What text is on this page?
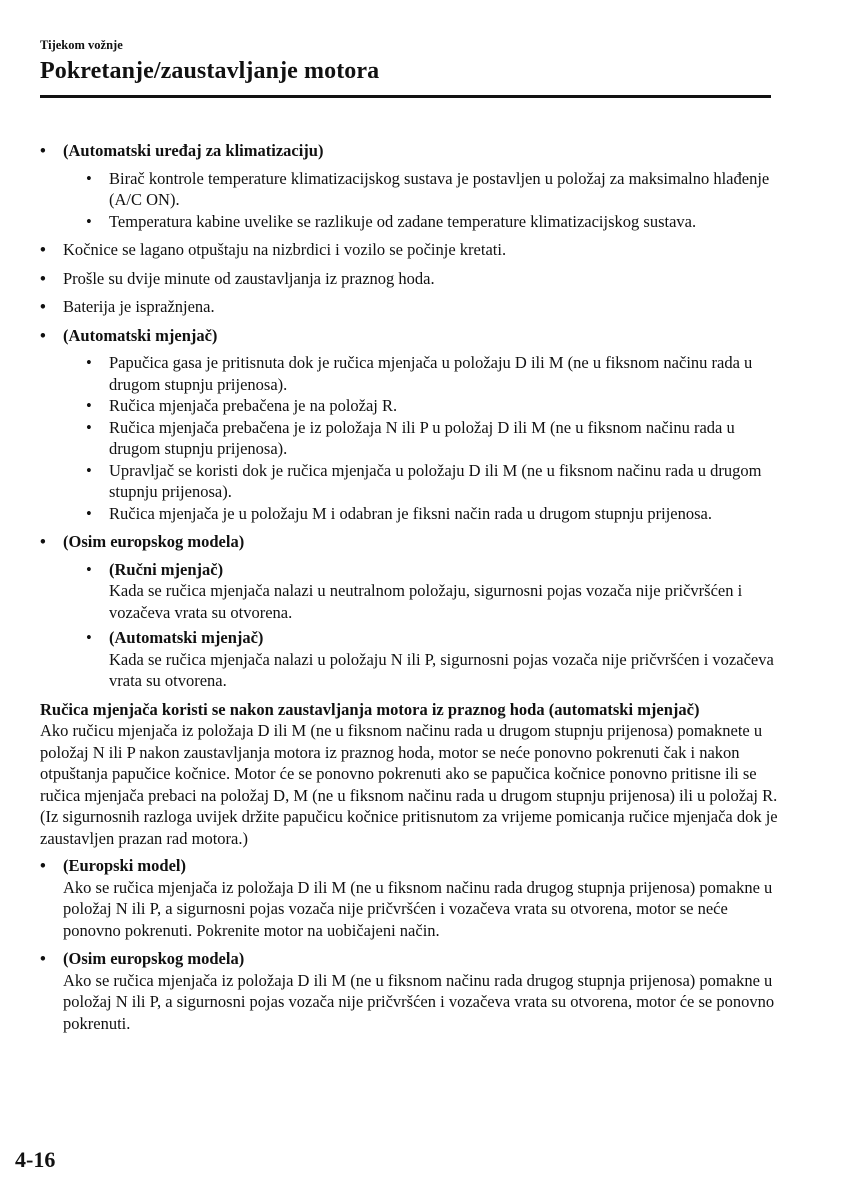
Tijekom vožnje
Pokretanje/zaustavljanje motora
• (Automatski uređaj za klimatizaciju)
• Birač kontrole temperature klimatizacijskog sustava je postavljen u položaj za maksimalno hlađenje (A/C ON).
• Temperatura kabine uvelike se razlikuje od zadane temperature klimatizacijskog sustava.
• Kočnice se lagano otpuštaju na nizbrdici i vozilo se počinje kretati.
• Prošle su dvije minute od zaustavljanja iz praznog hoda.
• Baterija je ispražnjena.
• (Automatski mjenjač)
• Papučica gasa je pritisnuta dok je ručica mjenjača u položaju D ili M (ne u fiksnom načinu rada u drugom stupnju prijenosa).
• Ručica mjenjača prebačena je na položaj R.
• Ručica mjenjača prebačena je iz položaja N ili P u položaj D ili M (ne u fiksnom načinu rada u drugom stupnju prijenosa).
• Upravljač se koristi dok je ručica mjenjača u položaju D ili M (ne u fiksnom načinu rada u drugom stupnju prijenosa).
• Ručica mjenjača je u položaju M i odabran je fiksni način rada u drugom stupnju prijenosa.
• (Osim europskog modela)
• (Ručni mjenjač)
Kada se ručica mjenjača nalazi u neutralnom položaju, sigurnosni pojas vozača nije pričvršćen i vozačeva vrata su otvorena.
• (Automatski mjenjač)
Kada se ručica mjenjača nalazi u položaju N ili P, sigurnosni pojas vozača nije pričvršćen i vozačeva vrata su otvorena.
Ručica mjenjača koristi se nakon zaustavljanja motora iz praznog hoda (automatski mjenjač)
Ako ručicu mjenjača iz položaja D ili M (ne u fiksnom načinu rada u drugom stupnju prijenosa) pomaknete u položaj N ili P nakon zaustavljanja motora iz praznog hoda, motor se neće ponovno pokrenuti čak i nakon otpuštanja papučice kočnice. Motor će se ponovno pokrenuti ako se papučica kočnice ponovno pritisne ili se ručica mjenjača prebaci na položaj D, M (ne u fiksnom načinu rada u drugom stupnju prijenosa) ili u položaj R.
(Iz sigurnosnih razloga uvijek držite papučicu kočnice pritisnutom za vrijeme pomicanja ručice mjenjača dok je zaustavljen prazan rad motora.)
• (Europski model)
Ako se ručica mjenjača iz položaja D ili M (ne u fiksnom načinu rada drugog stupnja prijenosa) pomakne u položaj N ili P, a sigurnosni pojas vozača nije pričvršćen i vozačeva vrata su otvorena, motor se neće ponovno pokrenuti. Pokrenite motor na uobičajeni način.
• (Osim europskog modela)
Ako se ručica mjenjača iz položaja D ili M (ne u fiksnom načinu rada drugog stupnja prijenosa) pomakne u položaj N ili P, a sigurnosni pojas vozača nije pričvršćen i vozačeva vrata su otvorena, motor će se ponovno pokrenuti.
4-16
